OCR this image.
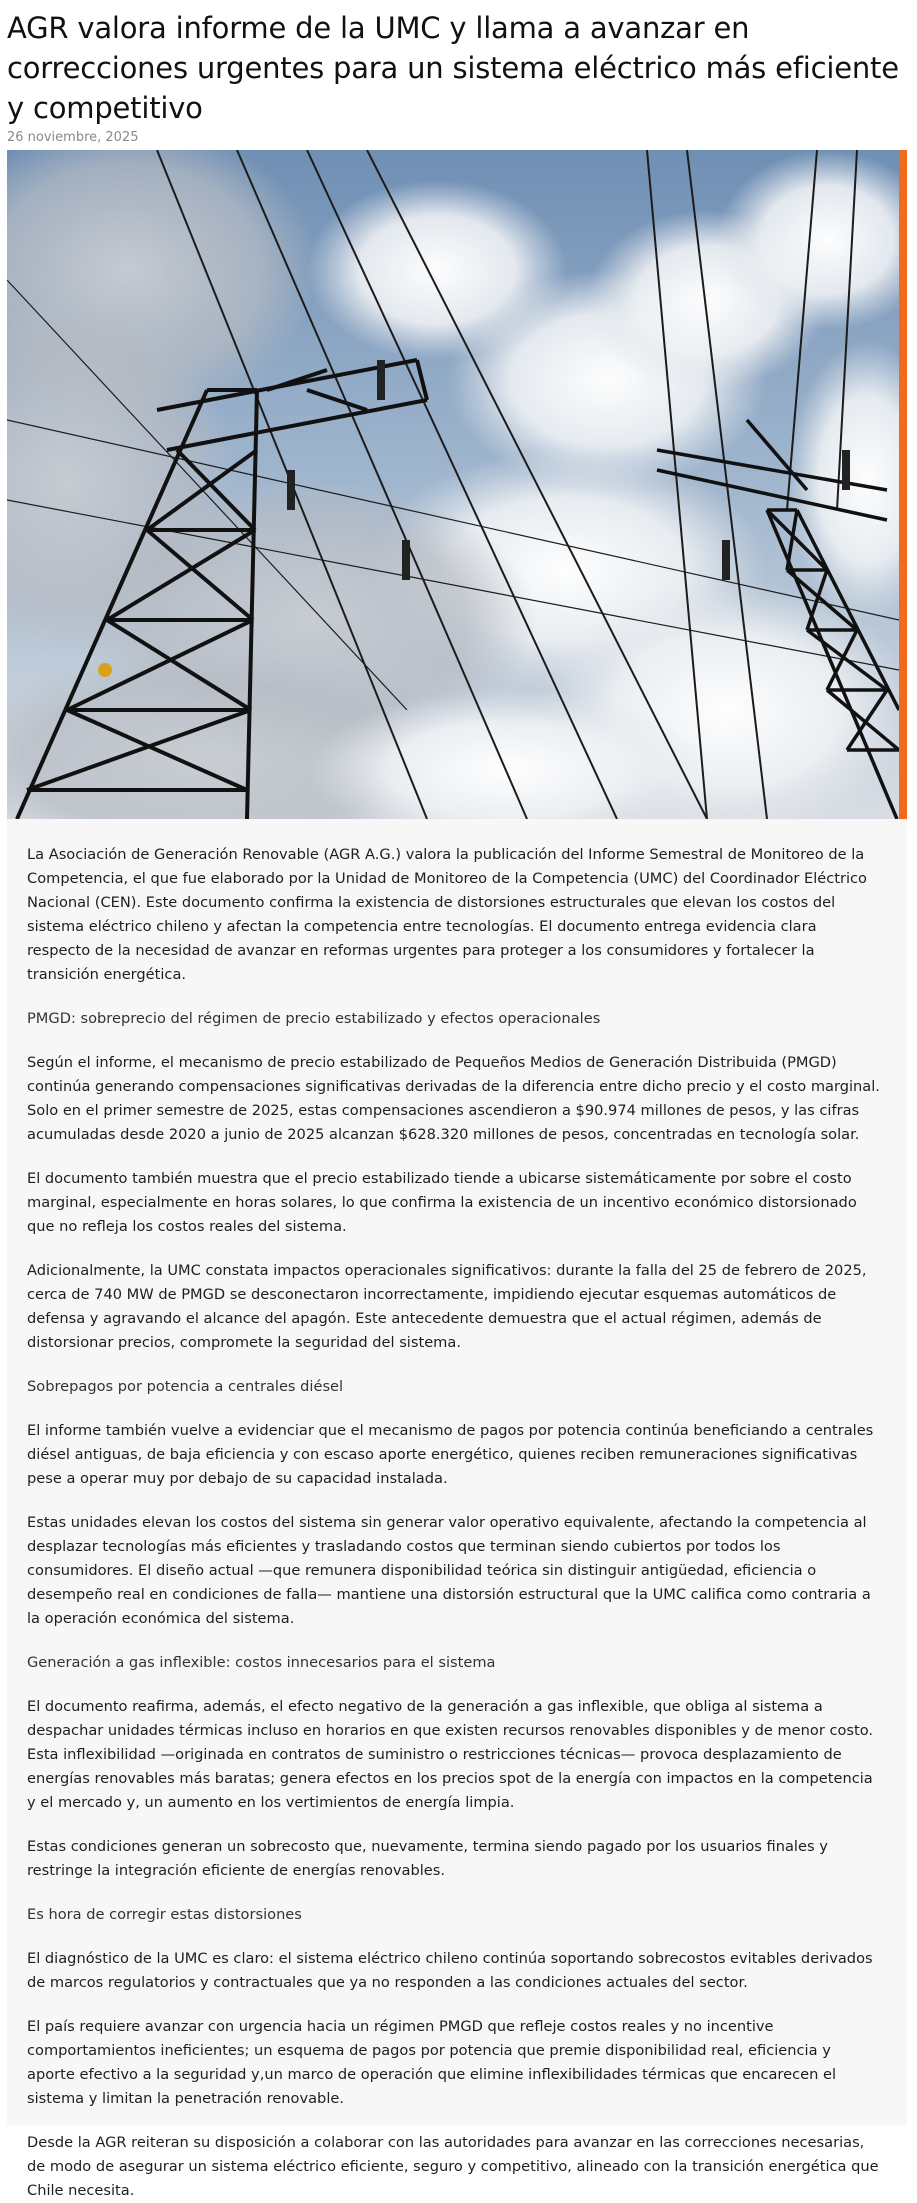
AGR valora informe de la UMC y llama a avanzar en correcciones urgentes para un sistema eléctrico más eficiente y competitivo
26 noviembre, 2025

La Asociación de Generación Renovable (AGR A.G.) valora la publicación del Informe Semestral de Monitoreo de la Competencia, el que fue elaborado por la Unidad de Monitoreo de la Competencia (UMC) del Coordinador Eléctrico Nacional (CEN). Este documento confirma la existencia de distorsiones estructurales que elevan los costos del sistema eléctrico chileno y afectan la competencia entre tecnologías. El documento entrega evidencia clara respecto de la necesidad de avanzar en reformas urgentes para proteger a los consumidores y fortalecer la transición energética.

PMGD: sobreprecio del régimen de precio estabilizado y efectos operacionales

Según el informe, el mecanismo de precio estabilizado de Pequeños Medios de Generación Distribuida (PMGD) continúa generando compensaciones significativas derivadas de la diferencia entre dicho precio y el costo marginal. Solo en el primer semestre de 2025, estas compensaciones ascendieron a $90.974 millones de pesos, y las cifras acumuladas desde 2020 a junio de 2025 alcanzan $628.320 millones de pesos, concentradas en tecnología solar.

El documento también muestra que el precio estabilizado tiende a ubicarse sistemáticamente por sobre el costo marginal, especialmente en horas solares, lo que confirma la existencia de un incentivo económico distorsionado que no refleja los costos reales del sistema.

Adicionalmente, la UMC constata impactos operacionales significativos: durante la falla del 25 de febrero de 2025, cerca de 740 MW de PMGD se desconectaron incorrectamente, impidiendo ejecutar esquemas automáticos de defensa y agravando el alcance del apagón. Este antecedente demuestra que el actual régimen, además de distorsionar precios, compromete la seguridad del sistema.

Sobrepagos por potencia a centrales diésel

El informe también vuelve a evidenciar que el mecanismo de pagos por potencia continúa beneficiando a centrales diésel antiguas, de baja eficiencia y con escaso aporte energético, quienes reciben remuneraciones significativas pese a operar muy por debajo de su capacidad instalada.

Estas unidades elevan los costos del sistema sin generar valor operativo equivalente, afectando la competencia al desplazar tecnologías más eficientes y trasladando costos que terminan siendo cubiertos por todos los consumidores. El diseño actual —que remunera disponibilidad teórica sin distinguir antigüedad, eficiencia o desempeño real en condiciones de falla— mantiene una distorsión estructural que la UMC califica como contraria a la operación económica del sistema.

Generación a gas inflexible: costos innecesarios para el sistema

El documento reafirma, además, el efecto negativo de la generación a gas inflexible, que obliga al sistema a despachar unidades térmicas incluso en horarios en que existen recursos renovables disponibles y de menor costo. Esta inflexibilidad —originada en contratos de suministro o restricciones técnicas— provoca desplazamiento de energías renovables más baratas; genera efectos en los precios spot de la energía con impactos en la competencia y el mercado y, un aumento en los vertimientos de energía limpia.

Estas condiciones generan un sobrecosto que, nuevamente, termina siendo pagado por los usuarios finales y restringe la integración eficiente de energías renovables.

Es hora de corregir estas distorsiones

El diagnóstico de la UMC es claro: el sistema eléctrico chileno continúa soportando sobrecostos evitables derivados de marcos regulatorios y contractuales que ya no responden a las condiciones actuales del sector.

El país requiere avanzar con urgencia hacia un régimen PMGD que refleje costos reales y no incentive comportamientos ineficientes; un esquema de pagos por potencia que premie disponibilidad real, eficiencia y aporte efectivo a la seguridad y,un marco de operación que elimine inflexibilidades térmicas que encarecen el sistema y limitan la penetración renovable.

Desde la AGR reiteran su disposición a colaborar con las autoridades para avanzar en las correcciones necesarias, de modo de asegurar un sistema eléctrico eficiente, seguro y competitivo, alineado con la transición energética que Chile necesita.
